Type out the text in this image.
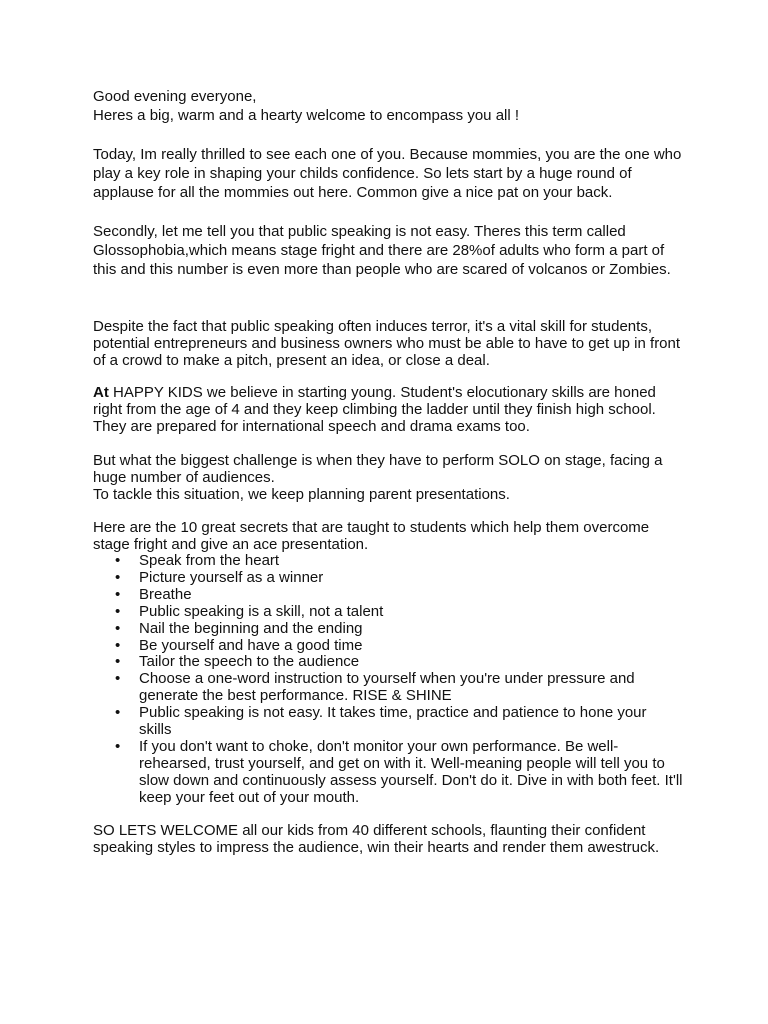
Good evening everyone,
Heres a big, warm and a hearty welcome to encompass you all !

Today, Im really thrilled to see each one of you. Because mommies, you are the one who play a key role in shaping your childs confidence. So lets start by a huge round of applause for all the mommies out here. Common give a nice pat on your back.

Secondly, let me tell you that public speaking is not easy. Theres this term called Glossophobia,which means stage fright and there are 28%of adults who form a part of this and this number is even more than people who are scared of volcanos or Zombies.

Despite the fact that public speaking often induces terror, it's a vital skill for students, potential entrepreneurs and business owners who must be able to have to get up in front of a crowd to make a pitch, present an idea, or close a deal.

At HAPPY KIDS we believe in starting young. Student's elocutionary skills are honed right from the age of 4 and they keep climbing the ladder until they finish high school. They are prepared for international speech and drama exams too.

But what the biggest challenge is when they have to perform SOLO on stage, facing a huge number of audiences.
To tackle this situation, we keep planning parent presentations.

Here are the 10 great secrets that are taught to students which help them overcome stage fright and give an ace presentation.

• Speak from the heart
• Picture yourself as a winner
• Breathe
• Public speaking is a skill, not a talent
• Nail the beginning and the ending
• Be yourself and have a good time
• Tailor the speech to the audience
• Choose a one-word instruction to yourself when you're under pressure and generate the best performance. RISE & SHINE
• Public speaking is not easy. It takes time, practice and patience to hone your skills
• If you don't want to choke, don't monitor your own performance. Be well-rehearsed, trust yourself, and get on with it. Well-meaning people will tell you to slow down and continuously assess yourself. Don't do it. Dive in with both feet. It'll keep your feet out of your mouth.

SO LETS WELCOME all our kids from 40 different schools, flaunting their confident speaking styles to impress the audience, win their hearts and render them awestruck.
